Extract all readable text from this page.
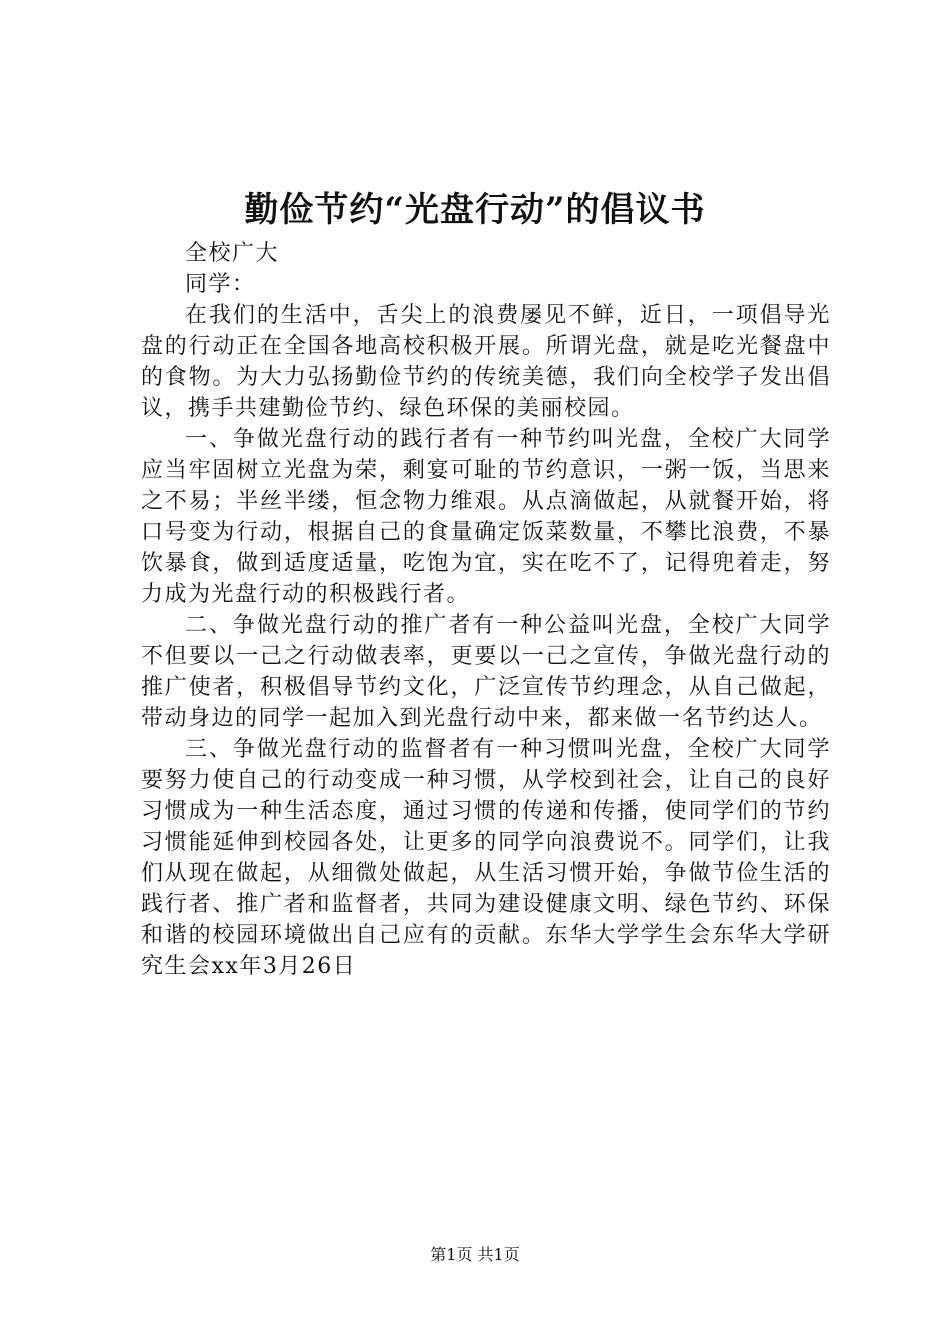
勤俭节约“光盘行动”的倡议书

全校广大

同学：

在我们的生活中，舌尖上的浪费屡见不鲜，近日，一项倡导光盘的行动正在全国各地高校积极开展。所谓光盘，就是吃光餐盘中的食物。为大力弘扬勤俭节约的传统美德，我们向全校学子发出倡议，携手共建勤俭节约、绿色环保的美丽校园。

一、争做光盘行动的践行者有一种节约叫光盘，全校广大同学应当牢固树立光盘为荣，剩宴可耻的节约意识，一粥一饭，当思来之不易；半丝半缕，恒念物力维艰。从点滴做起，从就餐开始，将口号变为行动，根据自己的食量确定饭菜数量，不攀比浪费，不暴饮暴食，做到适度适量，吃饱为宜，实在吃不了，记得兜着走，努力成为光盘行动的积极践行者。

二、争做光盘行动的推广者有一种公益叫光盘，全校广大同学不但要以一己之行动做表率，更要以一己之宣传，争做光盘行动的推广使者，积极倡导节约文化，广泛宣传节约理念，从自己做起，带动身边的同学一起加入到光盘行动中来，都来做一名节约达人。

三、争做光盘行动的监督者有一种习惯叫光盘，全校广大同学要努力使自己的行动变成一种习惯，从学校到社会，让自己的良好习惯成为一种生活态度，通过习惯的传递和传播，使同学们的节约习惯能延伸到校园各处，让更多的同学向浪费说不。同学们，让我们从现在做起，从细微处做起，从生活习惯开始，争做节俭生活的践行者、推广者和监督者，共同为建设健康文明、绿色节约、环保和谐的校园环境做出自己应有的贡献。东华大学学生会东华大学研究生会xx年3月26日

第1页 共1页
